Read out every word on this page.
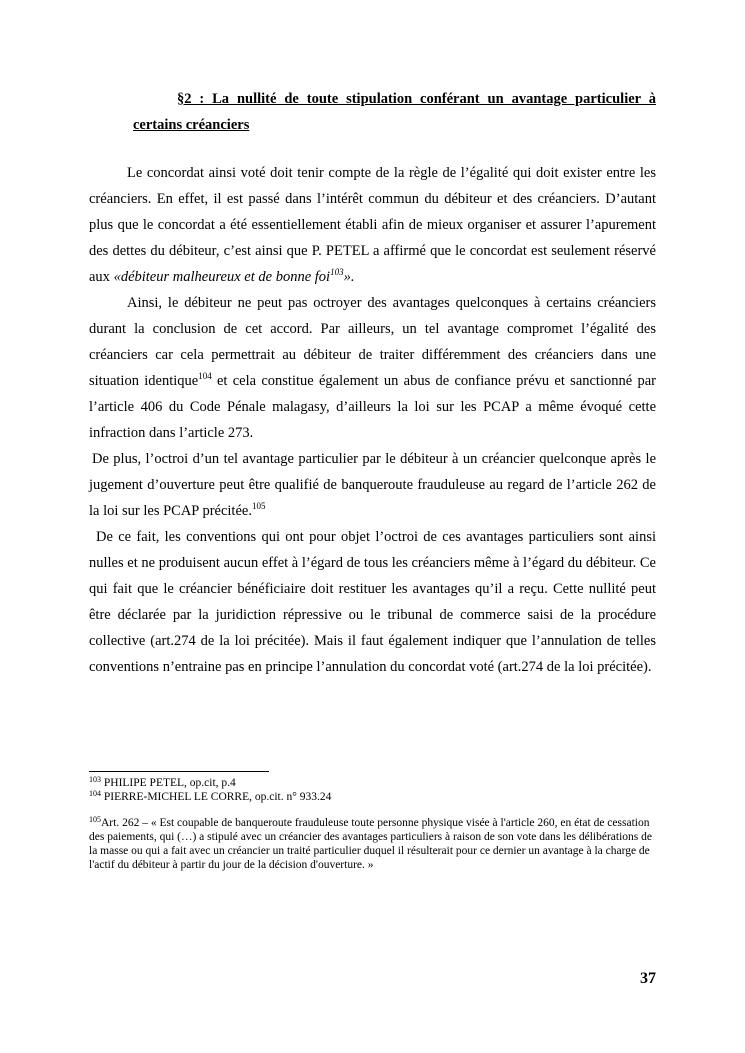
§2 : La nullité de toute stipulation conférant un avantage particulier à
certains créanciers

Le concordat ainsi voté doit tenir compte de la règle de l’égalité qui doit exister entre les créanciers. En effet, il est passé dans l’intérêt commun du débiteur et des créanciers. D’autant plus que le concordat a été essentiellement établi afin de mieux organiser et assurer l’apurement des dettes du débiteur, c’est ainsi que P. PETEL a affirmé que le concordat est seulement réservé aux «débiteur malheureux et de bonne foi$^{103}$».

Ainsi, le débiteur ne peut pas octroyer des avantages quelconques à certains créanciers durant la conclusion de cet accord. Par ailleurs, un tel avantage compromet l’égalité des créanciers car cela permettrait au débiteur de traiter différemment des créanciers dans une situation identique$^{104}$ et cela constitue également un abus de confiance prévu et sanctionné par l’article 406 du Code Pénale malagasy, d’ailleurs la loi sur les PCAP a même évoqué cette infraction dans l’article 273.

De plus, l’octroi d’un tel avantage particulier par le débiteur à un créancier quelconque après le jugement d’ouverture peut être qualifié de banqueroute frauduleuse au regard de l’article 262 de la loi sur les PCAP précitée.$^{105}$

De ce fait, les conventions qui ont pour objet l’octroi de ces avantages particuliers sont ainsi nulles et ne produisent aucun effet à l’égard de tous les créanciers même à l’égard du débiteur. Ce qui fait que le créancier bénéficiaire doit restituer les avantages qu’il a reçu. Cette nullité peut être déclarée par la juridiction répressive ou le tribunal de commerce saisi de la procédure collective (art.274 de la loi précitée). Mais il faut également indiquer que l’annulation de telles conventions n’entraine pas en principe l’annulation du concordat voté (art.274 de la loi précitée).

$^{103}$ PHILIPE PETEL, op.cit, p.4

$^{104}$ PIERRE-MICHEL LE CORRE, op.cit. n° 933.24

$^{105}$Art. 262 – « Est coupable de banqueroute frauduleuse toute personne physique visée à l'article 260, en état de cessation des paiements, qui (…) a stipulé avec un créancier des avantages particuliers à raison de son vote dans les délibérations de la masse ou qui a fait avec un créancier un traité particulier duquel il résulterait pour ce dernier un avantage à la charge de l'actif du débiteur à partir du jour de la décision d'ouverture. »

37
